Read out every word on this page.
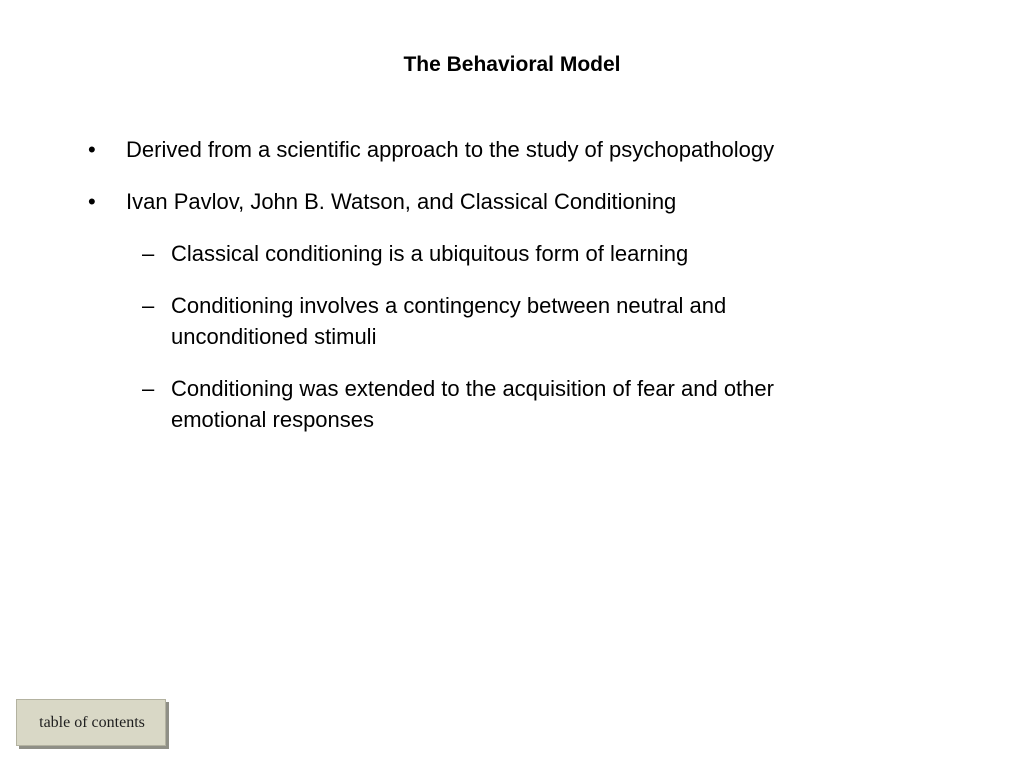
The Behavioral Model
• Derived from a scientific approach to the study of psychopathology
• Ivan Pavlov, John B. Watson, and Classical Conditioning
– Classical conditioning is a ubiquitous form of learning
– Conditioning involves a contingency between neutral and
unconditioned stimuli
– Conditioning was extended to the acquisition of fear and other
emotional responses
table of contents
